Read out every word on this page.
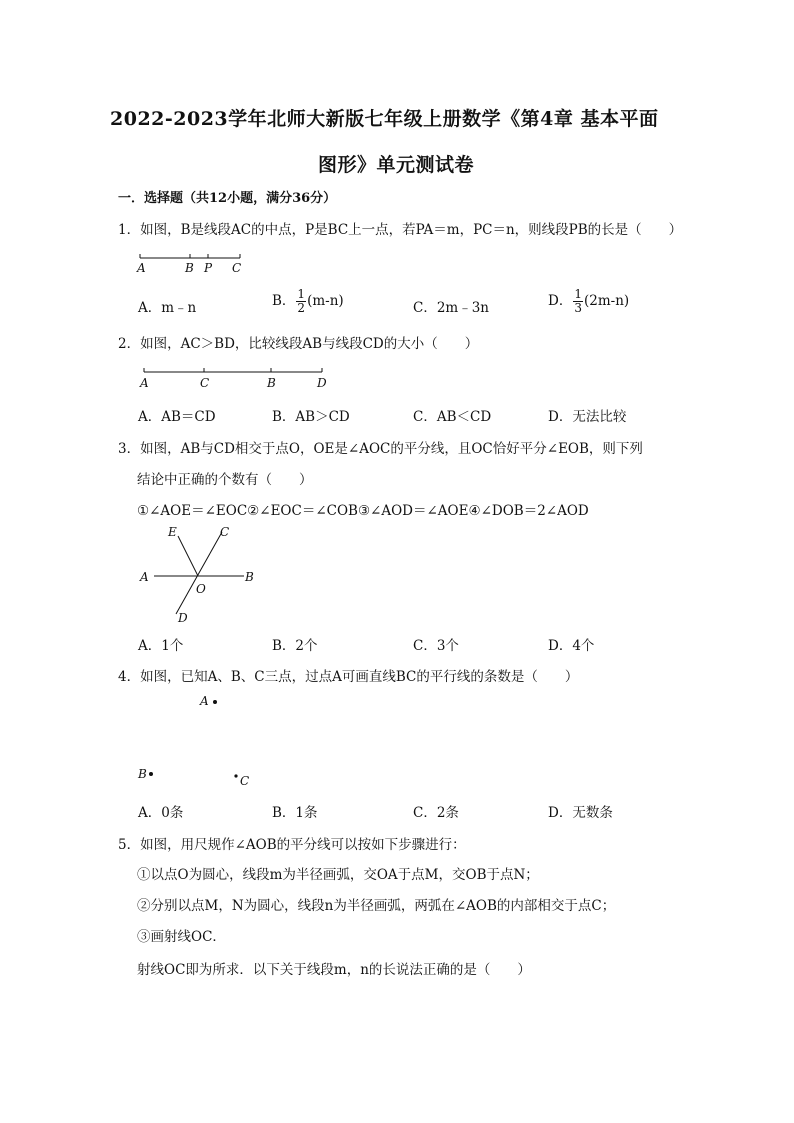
2022-2023学年北师大新版七年级上册数学《第4章 基本平面
图形》单元测试卷
一．选择题（共12小题，满分36分）
1．如图，B是线段AC的中点，P是BC上一点，若PA＝m，PC＝n，则线段PB的长是（　　）
A	B P C
A．m﹣n	B． $\frac{1}{2} (m-n)$	C．2m﹣3n	D． $\frac{1}{3} (2m-n)$
2．如图，AC＞BD，比较线段AB与线段CD的大小（　　）
A	C	B	D
A．AB＝CD	B．AB＞CD	C．AB＜CD	D．无法比较
3．如图，AB与CD相交于点O，OE是∠AOC的平分线，且OC恰好平分∠EOB，则下列
结论中正确的个数有（　　）
①∠AOE＝∠EOC②∠EOC＝∠COB③∠AOD＝∠AOE④∠DOB＝2∠AOD
E	C
A	B
O
D
A．1个	B．2个	C．3个	D．4个
4．如图，已知A、B、C三点，过点A可画直线BC的平行线的条数是（　　）
A
B	C
A．0条	B．1条	C．2条	D．无数条
5．如图，用尺规作∠AOB的平分线可以按如下步骤进行：
①以点O为圆心，线段m为半径画弧，交OA于点M，交OB于点N；
②分别以点M，N为圆心，线段n为半径画弧，两弧在∠AOB的内部相交于点C；
③画射线OC．
射线OC即为所求．以下关于线段m，n的长说法正确的是（　　）
